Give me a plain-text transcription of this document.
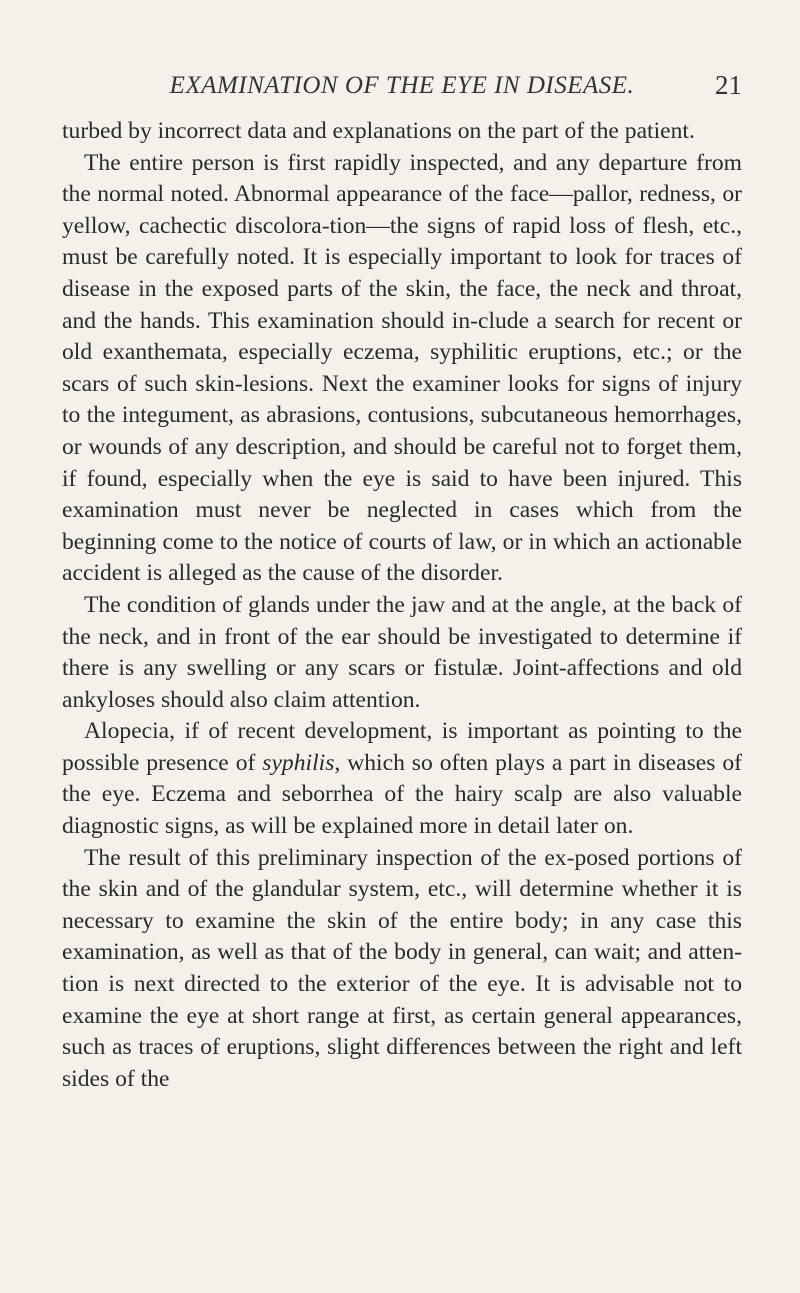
EXAMINATION OF THE EYE IN DISEASE.	21

turbed by incorrect data and explanations on the part of the patient.

The entire person is first rapidly inspected, and any departure from the normal noted. Abnormal appearance of the face—pallor, redness, or yellow, cachectic discolora-tion—the signs of rapid loss of flesh, etc., must be carefully noted. It is especially important to look for traces of disease in the exposed parts of the skin, the face, the neck and throat, and the hands. This examination should in-clude a search for recent or old exanthemata, especially eczema, syphilitic eruptions, etc.; or the scars of such skin-lesions. Next the examiner looks for signs of injury to the integument, as abrasions, contusions, subcutaneous hemorrhages, or wounds of any description, and should be careful not to forget them, if found, especially when the eye is said to have been injured. This examination must never be neglected in cases which from the beginning come to the notice of courts of law, or in which an actionable accident is alleged as the cause of the disorder.

The condition of glands under the jaw and at the angle, at the back of the neck, and in front of the ear should be investigated to determine if there is any swelling or any scars or fistulæ. Joint-affections and old ankyloses should also claim attention.

Alopecia, if of recent development, is important as pointing to the possible presence of syphilis, which so often plays a part in diseases of the eye. Eczema and seborrhea of the hairy scalp are also valuable diagnostic signs, as will be explained more in detail later on.

The result of this preliminary inspection of the ex-posed portions of the skin and of the glandular system, etc., will determine whether it is necessary to examine the skin of the entire body; in any case this examination, as well as that of the body in general, can wait; and atten-tion is next directed to the exterior of the eye. It is advisable not to examine the eye at short range at first, as certain general appearances, such as traces of eruptions, slight differences between the right and left sides of the
